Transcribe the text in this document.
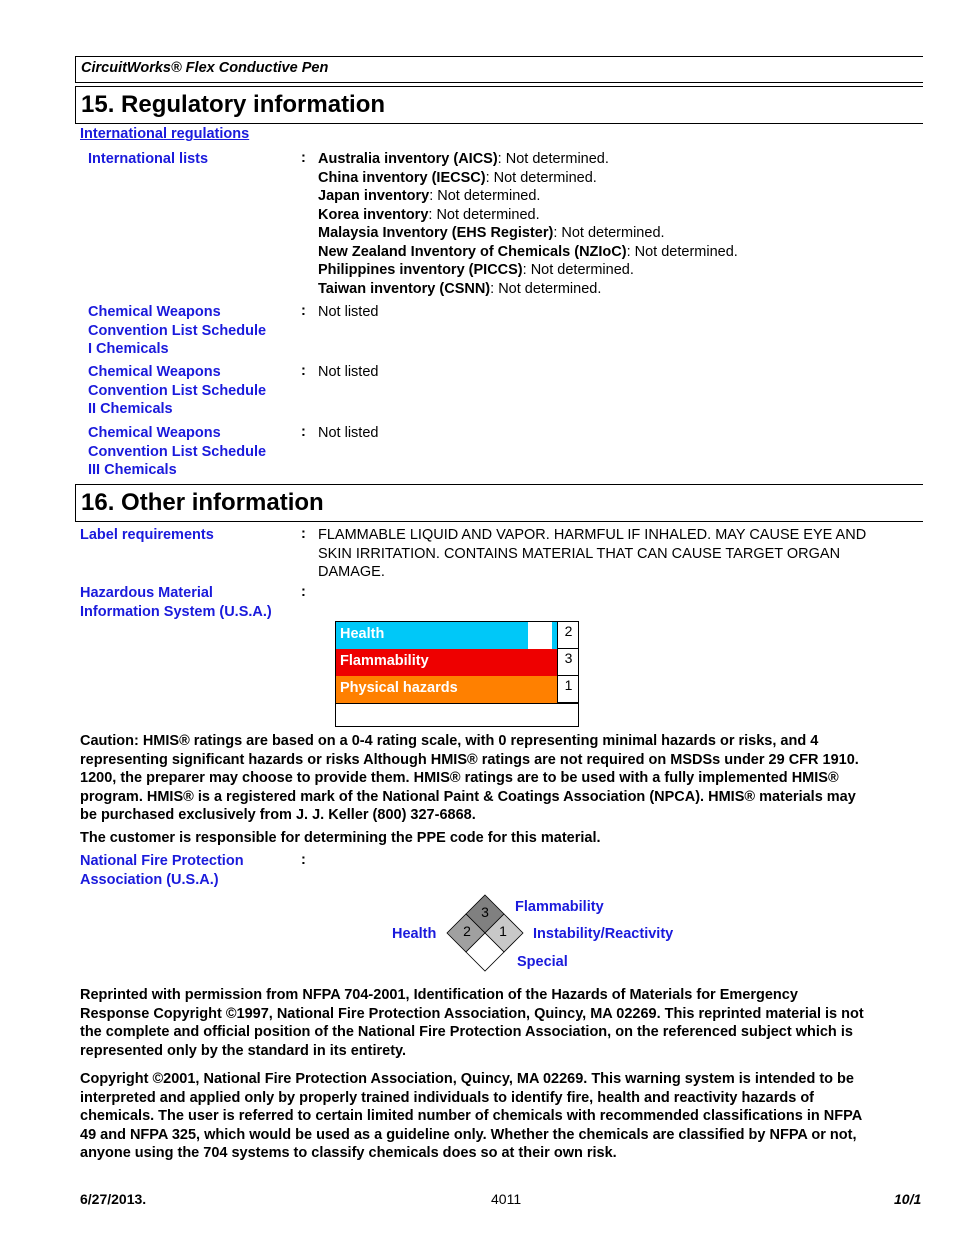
CircuitWorks® Flex Conductive Pen
15. Regulatory information
International regulations
International lists	: Australia inventory (AICS): Not determined.
China inventory (IECSC): Not determined.
Japan inventory: Not determined.
Korea inventory: Not determined.
Malaysia Inventory (EHS Register): Not determined.
New Zealand Inventory of Chemicals (NZIoC): Not determined.
Philippines inventory (PICCS): Not determined.
Taiwan inventory (CSNN): Not determined.
Chemical Weapons
Convention List Schedule
I Chemicals
: Not listed
Chemical Weapons
Convention List Schedule
II Chemicals
: Not listed
Chemical Weapons
Convention List Schedule
III Chemicals
: Not listed
16. Other information
Label requirements	: FLAMMABLE LIQUID AND VAPOR. HARMFUL IF INHALED. MAY CAUSE EYE AND
SKIN IRRITATION. CONTAINS MATERIAL THAT CAN CAUSE TARGET ORGAN
DAMAGE.
Hazardous Material
Information System (U.S.A.)
:
Health	2
Flammability	3
Physical hazards	1
Caution: HMIS® ratings are based on a 0-4 rating scale, with 0 representing minimal hazards or risks, and 4
representing significant hazards or risks Although HMIS® ratings are not required on MSDSs under 29 CFR 1910.
1200, the preparer may choose to provide them. HMIS® ratings are to be used with a fully implemented HMIS®
program. HMIS® is a registered mark of the National Paint & Coatings Association (NPCA). HMIS® materials may
be purchased exclusively from J. J. Keller (800) 327-6868.
The customer is responsible for determining the PPE code for this material.
National Fire Protection
Association (U.S.A.)
:
3
2 1
Flammability
Health	Instability/Reactivity
Special
Reprinted with permission from NFPA 704-2001, Identification of the Hazards of Materials for Emergency
Response Copyright ©1997, National Fire Protection Association, Quincy, MA 02269. This reprinted material is not
the complete and official position of the National Fire Protection Association, on the referenced subject which is
represented only by the standard in its entirety.
Copyright ©2001, National Fire Protection Association, Quincy, MA 02269. This warning system is intended to be
interpreted and applied only by properly trained individuals to identify fire, health and reactivity hazards of
chemicals. The user is referred to certain limited number of chemicals with recommended classifications in NFPA
49 and NFPA 325, which would be used as a guideline only. Whether the chemicals are classified by NFPA or not,
anyone using the 704 systems to classify chemicals does so at their own risk.
6/27/2013.	4011	10/1
